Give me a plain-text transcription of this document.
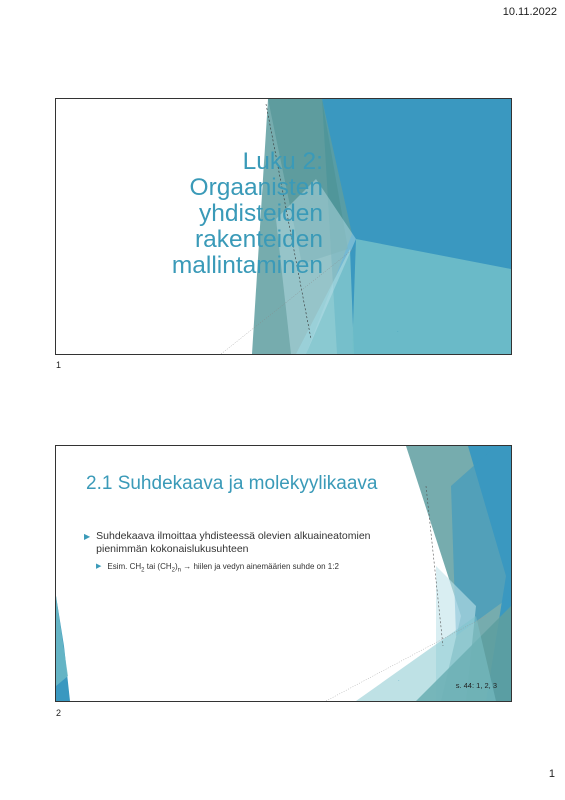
10.11.2022
Luku 2:
Orgaanisten
yhdisteiden
rakenteiden
mallintaminen
·
1
2.1 Suhdekaava ja molekyylikaava
▶ Suhdekaava ilmoittaa yhdisteessä olevien alkuaineatomien pienimmän kokonaislukusuhteen
▶ Esim. $CH_2$ tai $(CH_2)_n$ → hiilen ja vedyn ainemäärien suhde on 1:2
·	s. 44: 1, 2, 3
2
1
